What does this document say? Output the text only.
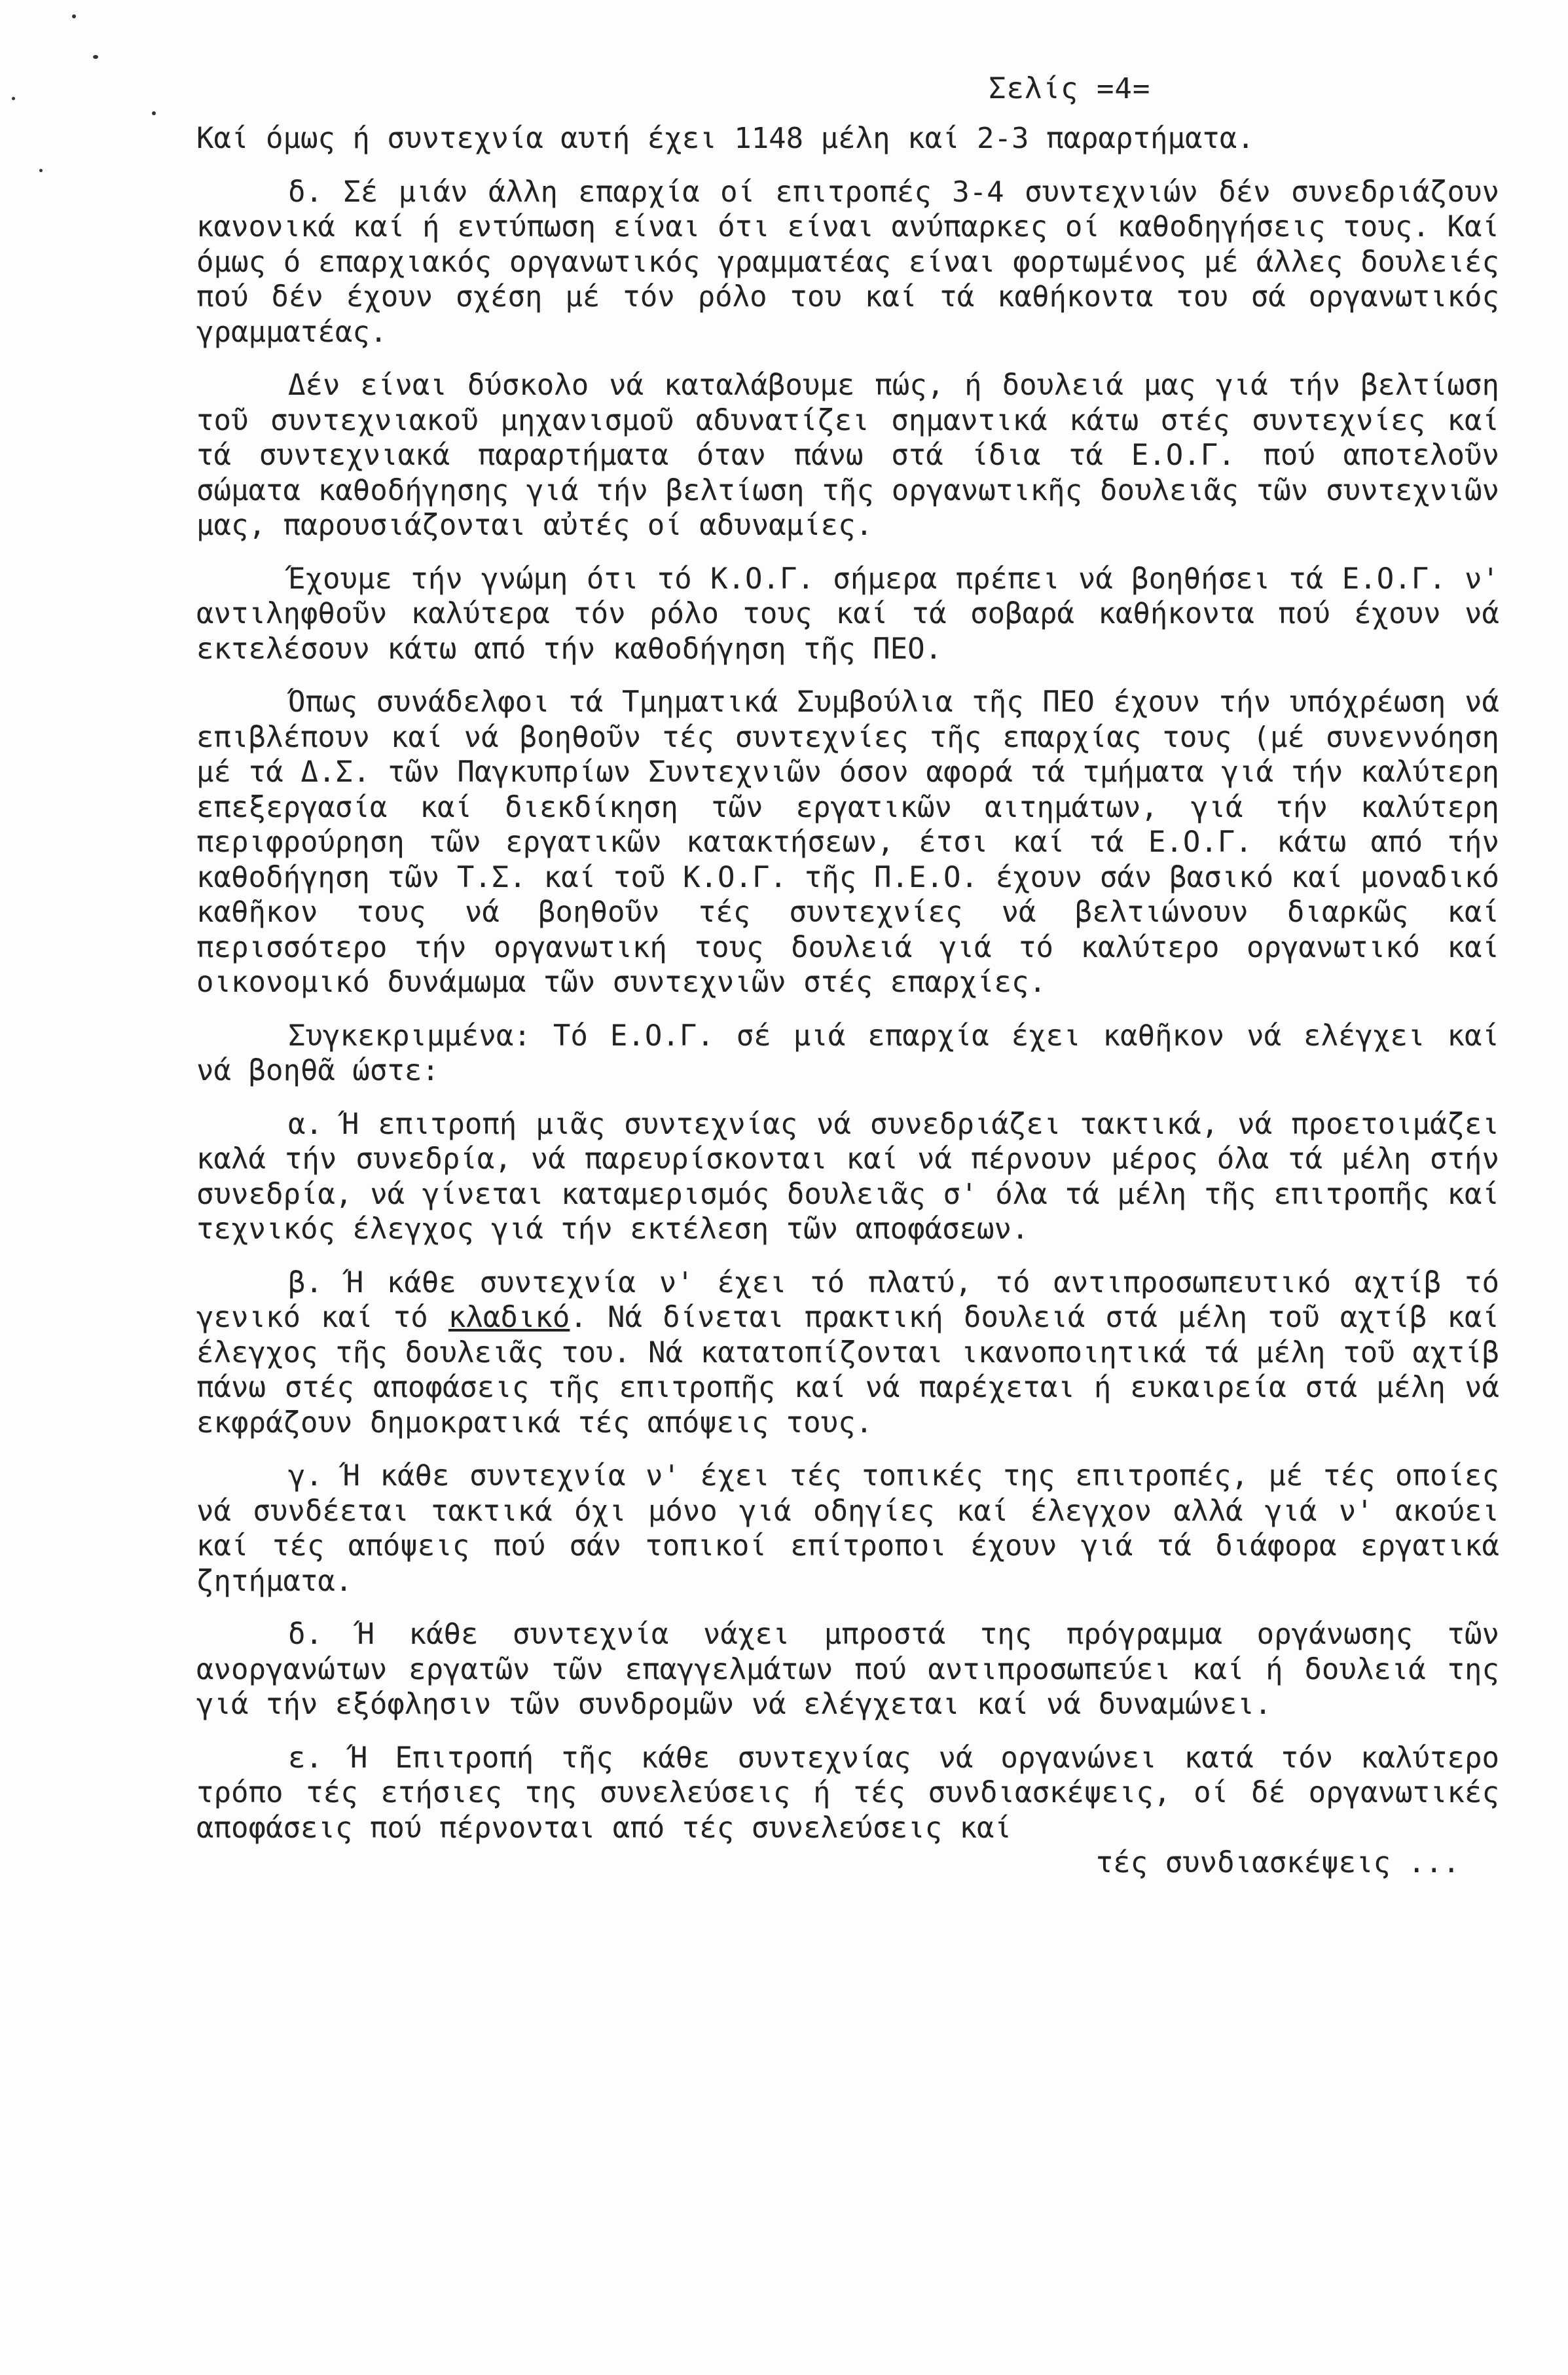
Σελίς =4=

Καί όμως ή συντεχνία αυτή έχει 1148 μέλη καί 2-3 παραρτήματα.

δ. Σέ μιάν άλλη επαρχία οί επιτροπές 3-4 συντεχνιών δέν συνεδριάζουν κανονικά καί ή εντύπωση είναι ότι είναι ανύπαρκες οί καθοδηγήσεις τους. Καί όμως ό επαρχιακός οργανωτικός γραμματέας είναι φορτωμένος μέ άλλες δουλειές πού δέν έχουν σχέση μέ τόν ρόλο του καί τά καθήκοντα του σά οργανωτικός γραμματέας.

Δέν είναι δύσκολο νά καταλάβουμε πώς, ή δουλειά μας γιά τήν βελτίωση τοῦ συντεχνιακοῦ μηχανισμοῦ αδυνατίζει σημαντικά κάτω στές συντεχνίες καί τά συντεχνιακά παραρτήματα όταν πάνω στά ίδια τά Ε.Ο.Γ. πού αποτελοῦν σώματα καθοδήγησης γιά τήν βελτίωση τῆς οργανωτικῆς δουλειᾶς τῶν συντεχνιῶν μας, παρουσιάζονται αὐτές οί αδυναμίες.

Έχουμε τήν γνώμη ότι τό Κ.Ο.Γ. σήμερα πρέπει νά βοηθήσει τά Ε.Ο.Γ. ν' αντιληφθοῦν καλύτερα τόν ρόλο τους καί τά σοβαρά καθήκοντα πού έχουν νά εκτελέσουν κάτω από τήν καθοδήγηση τῆς ΠΕΟ.

Όπως συνάδελφοι τά Τμηματικά Συμβούλια τῆς ΠΕΟ έχουν τήν υπόχρέωση νά επιβλέπουν καί νά βοηθοῦν τές συντεχνίες τῆς επαρχίας τους (μέ συνεννόηση μέ τά Δ.Σ. τῶν Παγκυπρίων Συντεχνιῶν όσον αφορά τά τμήματα γιά τήν καλύτερη επεξεργασία καί διεκδίκηση τῶν εργατικῶν αιτημάτων, γιά τήν καλύτερη περιφρούρηση τῶν εργατικῶν κατακτήσεων, έτσι καί τά Ε.Ο.Γ. κάτω από τήν καθοδήγηση τῶν Τ.Σ. καί τοῦ Κ.Ο.Γ. τῆς Π.Ε.Ο. έχουν σάν βασικό καί μοναδικό καθῆκον τους νά βοηθοῦν τές συντεχνίες νά βελτιώνουν διαρκῶς καί περισσότερο τήν οργανωτική τους δουλειά γιά τό καλύτερο οργανωτικό καί οικονομικό δυνάμωμα τῶν συντεχνιῶν στές επαρχίες.

Συγκεκριμμένα: Τό Ε.Ο.Γ. σέ μιά επαρχία έχει καθῆκον νά ελέγχει καί νά βοηθᾶ ώστε:

α. Ή επιτροπή μιᾶς συντεχνίας νά συνεδριάζει τακτικά, νά προετοιμάζει καλά τήν συνεδρία, νά παρευρίσκονται καί νά πέρνουν μέρος όλα τά μέλη στήν συνεδρία, νά γίνεται καταμερισμός δουλειᾶς σ' όλα τά μέλη τῆς επιτροπῆς καί τεχνικός έλεγχος γιά τήν εκτέλεση τῶν αποφάσεων.

β. Ή κάθε συντεχνία ν' έχει τό πλατύ, τό αντιπροσωπευτικό αχτίβ τό γενικό καί τό κλαδικό. Νά δίνεται πρακτική δουλειά στά μέλη τοῦ αχτίβ καί έλεγχος τῆς δουλειᾶς του. Νά κατατοπίζονται ικανοποιητικά τά μέλη τοῦ αχτίβ πάνω στές αποφάσεις τῆς επιτροπῆς καί νά παρέχεται ή ευκαιρεία στά μέλη νά εκφράζουν δημοκρατικά τές απόψεις τους.

γ. Ή κάθε συντεχνία ν' έχει τές τοπικές της επιτροπές, μέ τές οποίες νά συνδέεται τακτικά όχι μόνο γιά οδηγίες καί έλεγχον αλλά γιά ν' ακούει καί τές απόψεις πού σάν τοπικοί επίτροποι έχουν γιά τά διάφορα εργατικά ζητήματα.

δ. Ή κάθε συντεχνία νάχει μπροστά της πρόγραμμα οργάνωσης τῶν ανοργανώτων εργατῶν τῶν επαγγελμάτων πού αντιπροσωπεύει καί ή δουλειά της γιά τήν εξόφλησιν τῶν συνδρομῶν νά ελέγχεται καί νά δυναμώνει.

ε. Ή Επιτροπή τῆς κάθε συντεχνίας νά οργανώνει κατά τόν καλύτερο τρόπο τές ετήσιες της συνελεύσεις ή τές συνδιασκέψεις, οί δέ οργανωτικές αποφάσεις πού πέρνονται από τές συνελεύσεις καί

τές συνδιασκέψεις ...
